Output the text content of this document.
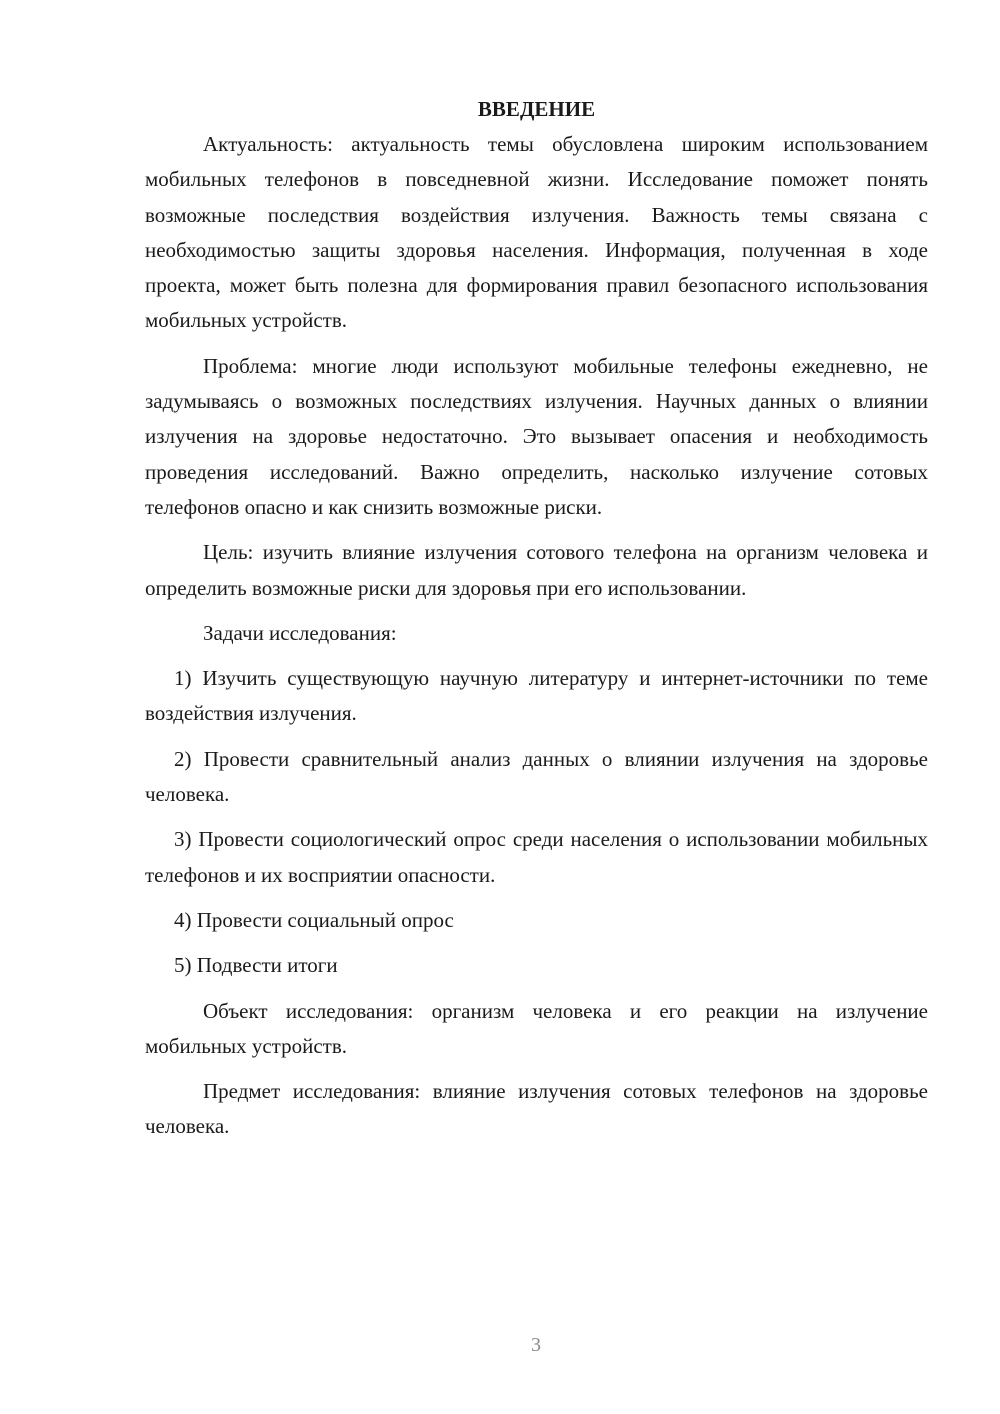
ВВЕДЕНИЕ

Актуальность: актуальность темы обусловлена широким использованием мобильных телефонов в повседневной жизни. Исследование поможет понять возможные последствия воздействия излучения. Важность темы связана с необходимостью защиты здоровья населения. Информация, полученная в ходе проекта, может быть полезна для формирования правил безопасного использования мобильных устройств.

Проблема: многие люди используют мобильные телефоны ежедневно, не задумываясь о возможных последствиях излучения. Научных данных о влиянии излучения на здоровье недостаточно. Это вызывает опасения и необходимость проведения исследований. Важно определить, насколько излучение сотовых телефонов опасно и как снизить возможные риски.

Цель: изучить влияние излучения сотового телефона на организм человека и определить возможные риски для здоровья при его использовании.

Задачи исследования:

1) Изучить существующую научную литературу и интернет-источники по теме воздействия излучения.

2) Провести сравнительный анализ данных о влиянии излучения на здоровье человека.

3) Провести социологический опрос среди населения о использовании мобильных телефонов и их восприятии опасности.

4) Провести социальный опрос

5) Подвести итоги

Объект исследования: организм человека и его реакции на излучение мобильных устройств.

Предмет исследования: влияние излучения сотовых телефонов на здоровье человека.

3
